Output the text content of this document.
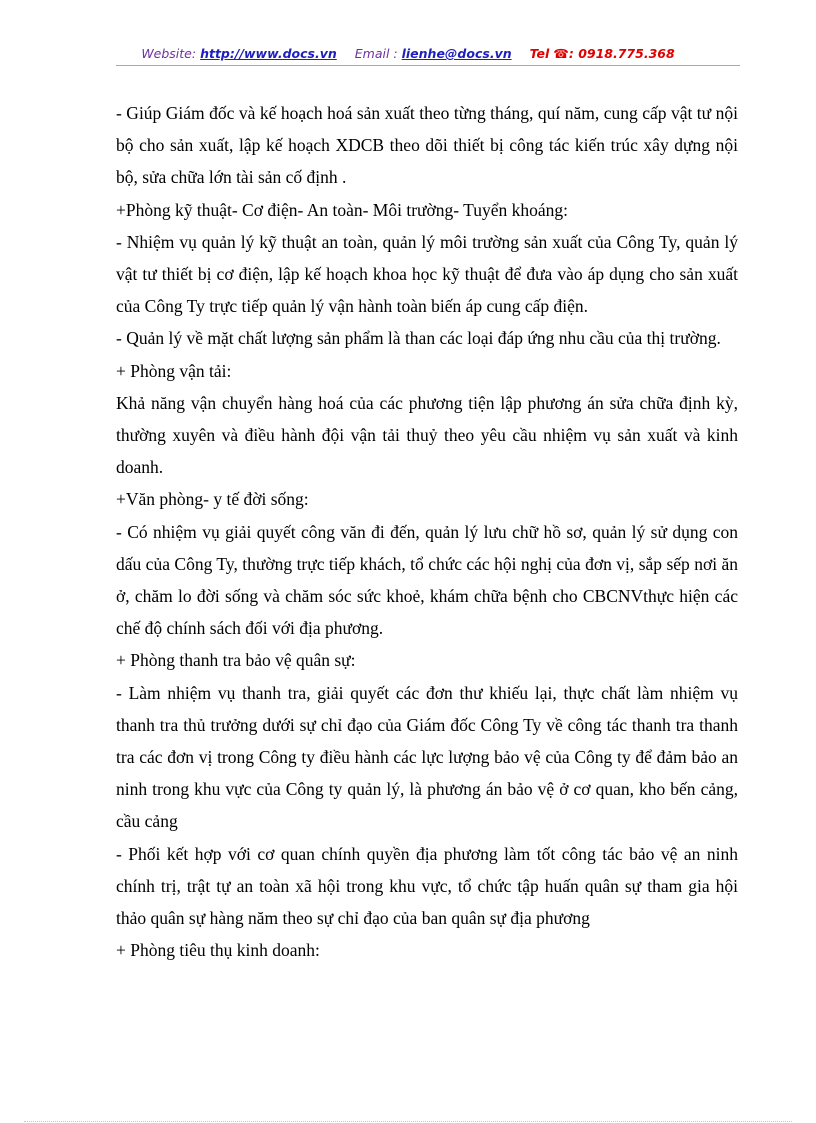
Website: http://www.docs.vn Email : lienhe@docs.vn Tel ☎: 0918.775.368

- Giúp Giám đốc và kế hoạch hoá sản xuất theo từng tháng, quí năm, cung cấp vật tư nội bộ cho sản xuất, lập kế hoạch XDCB theo dõi thiết bị công tác kiến trúc xây dựng nội bộ, sửa chữa lớn tài sản cố định .

+Phòng kỹ thuật- Cơ điện- An toàn- Môi trường- Tuyển khoáng:

- Nhiệm vụ quản lý kỹ thuật an toàn, quản lý môi trường sản xuất của Công Ty, quản lý vật tư thiết bị cơ điện, lập kế hoạch khoa học kỹ thuật để đưa vào áp dụng cho sản xuất của Công Ty trực tiếp quản lý vận hành toàn biến áp cung cấp điện.

- Quản lý về mặt chất lượng sản phẩm là than các loại đáp ứng nhu cầu của thị trường.

+ Phòng vận tải:

Khả năng vận chuyển hàng hoá của các phương tiện lập phương án sửa chữa định kỳ, thường xuyên và điều hành đội vận tải thuỷ theo yêu cầu nhiệm vụ sản xuất và kinh doanh.

+Văn phòng- y tế đời sống:

- Có nhiệm vụ giải quyết công văn đi đến, quản lý lưu chữ hồ sơ, quản lý sử dụng con dấu của Công Ty, thường trực tiếp khách, tổ chức các hội nghị của đơn vị, sắp sếp nơi ăn ở, chăm lo đời sống và chăm sóc sức khoẻ, khám chữa bệnh cho CBCNVthực hiện các chế độ chính sách đối với địa phương.

+ Phòng thanh tra bảo vệ quân sự:

- Làm nhiệm vụ thanh tra, giải quyết các đơn thư khiếu lại, thực chất làm nhiệm vụ thanh tra thủ trưởng dưới sự chỉ đạo của Giám đốc Công Ty về công tác thanh tra thanh tra các đơn vị trong Công ty điều hành các lực lượng bảo vệ của Công ty để đảm bảo an ninh trong khu vực của Công ty quản lý, là phương án bảo vệ ở cơ quan, kho bến cảng, cầu cảng

- Phối kết hợp với cơ quan chính quyền địa phương làm tốt công tác bảo vệ an ninh chính trị, trật tự an toàn xã hội trong khu vực, tổ chức tập huấn quân sự tham gia hội thảo quân sự hàng năm theo sự chỉ đạo của ban quân sự địa phương

+ Phòng tiêu thụ kinh doanh:
